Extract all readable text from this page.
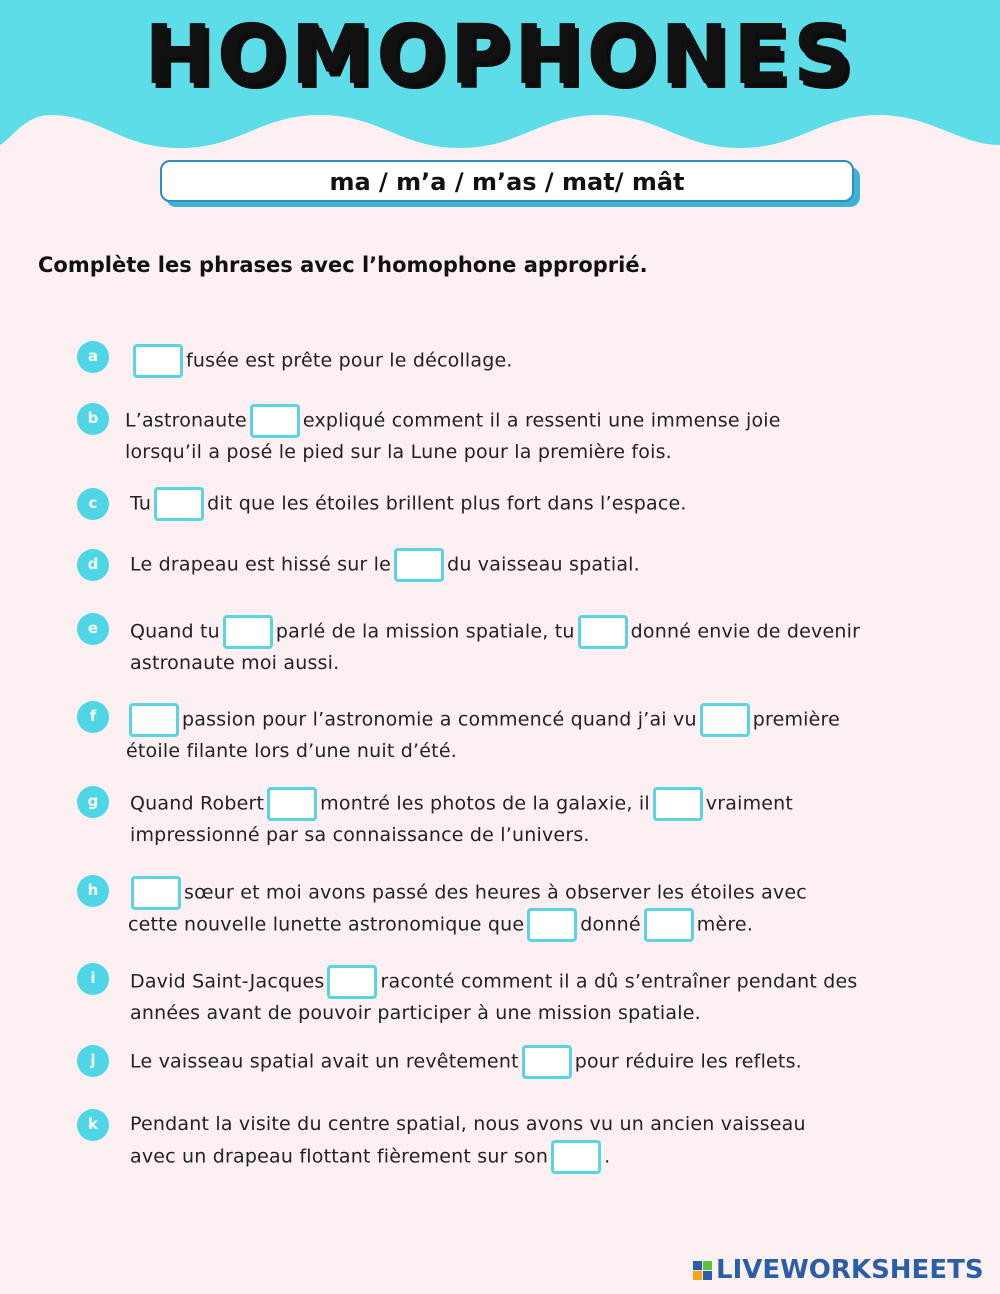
HOMOPHONES
ma / m’a / m’as / mat/ mât
Complète les phrases avec l’homophone approprié.
a	fusée est prête pour le décollage.
b	L’astronaute	expliqué comment il a ressenti une immense joie
lorsqu’il a posé le pied sur la Lune pour la première fois.
c	Tu	dit que les étoiles brillent plus fort dans l’espace.
d	Le drapeau est hissé sur le	du vaisseau spatial.
e	Quand tu	parlé de la mission spatiale, tu	donné envie de devenir
astronaute moi aussi.
f	passion pour l’astronomie a commencé quand j’ai vu	première
étoile filante lors d’une nuit d’été.
g	Quand Robert	montré les photos de la galaxie, il	vraiment
impressionné par sa connaissance de l’univers.
h	sœur et moi avons passé des heures à observer les étoiles avec
cette nouvelle lunette astronomique que	donné	mère.
i	David Saint-Jacques	raconté comment il a dû s’entraîner pendant des
années avant de pouvoir participer à une mission spatiale.
j	Le vaisseau spatial avait un revêtement	pour réduire les reflets.
k	Pendant la visite du centre spatial, nous avons vu un ancien vaisseau
avec un drapeau flottant fièrement sur son	.
LIVEWORKSHEETS
